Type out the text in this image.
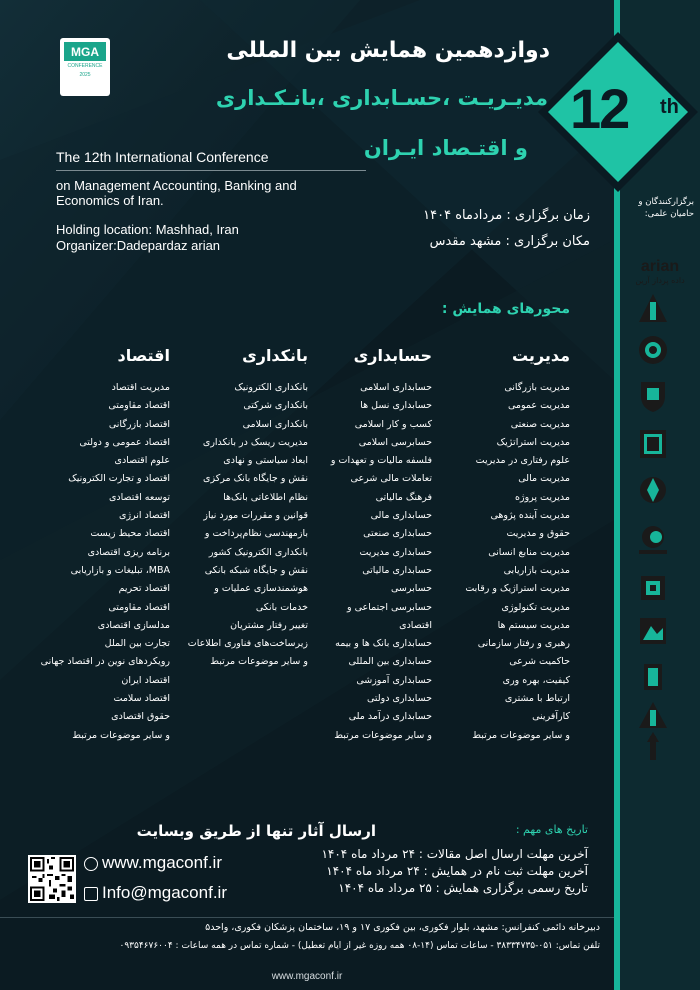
12 th
MGA
CONFERENCE
2025
دوازدهمین همایش بین المللی
مدیـریـت ،حسـابداری ،بانـکـداری
و اقتـصاد ایـران
The 12th International Conference
on Management Accounting, Banking and Economics of Iran.
Holding location: Mashhad, Iran
Organizer:Dadepardaz arian
زمان برگزاری : مردادماه ۱۴۰۴
مکان برگزاری : مشهد مقدس
محورهای همایش :
مدیریت
مدیریت بازرگانی
مدیریت عمومی
مدیریت صنعتی
مدیریت استراتژیک
علوم رفتاری در مدیریت
مدیریت مالی
مدیریت پروژه
مدیریت آینده پژوهی
حقوق و مدیریت
مدیریت منابع انسانی
مدیریت بازاریابی
مدیریت استراژیک و رقابت
مدیریت تکنولوژی
مدیریت سیستم ها
رهبری و رفتار سازمانی
حاکمیت شرعی
کیفیت، بهره وری
ارتباط با مشتری
کارآفرینی
و سایر موضوعات مرتبط
حسابداری
حسابداری اسلامی
حسابداری نسل ها
کسب و کار اسلامی
حسابرسی اسلامی
فلسفه مالیات و تعهدات و
تعاملات مالی شرعی
فرهنگ مالیاتی
حسابداری مالی
حسابداری صنعتی
حسابداری مدیریت
حسابداری مالیاتی
حسابرسی
حسابرسی اجتماعی و
اقتصادی
حسابداری بانک ها و بیمه
حسابداری بین المللی
حسابداری آموزشی
حسابداری دولتی
حسابداری درآمد ملی
و سایر موضوعات مرتبط
بانکداری
بانکداری الکترونیک
بانکداری شرکتی
بانکداری اسلامی
مدیریت ریسک در بانکداری
ابعاد سیاستی و نهادی
نقش و جایگاه بانک مرکزی
نظام اطلاعاتی بانک‌ها
قوانین و مقررات مورد نیاز
بازمهندسی نظام‌پرداخت و
بانکداری الکترونیک کشور
نقش و جایگاه شبکه بانکی
هوشمندسازی عملیات و
خدمات بانکی
تغییر رفتار مشتریان
زیرساخت‌های فناوری اطلاعات
و سایر موضوعات مرتبط
اقتصاد
مدیریت اقتصاد
اقتصاد مقاومتی
اقتصاد بازرگانی
اقتصاد عمومی و دولتی
علوم اقتصادی
اقتصاد و تجارت الکترونیک
توسعه اقتصادی
اقتصاد انرژی
اقتصاد محیط زیست
برنامه ریزی اقتصادی
MBA، تبلیغات و بازاریابی
اقتصاد تحریم
اقتصاد مقاومتی
مدلسازی اقتصادی
تجارت بین الملل
رویکردهای نوین در اقتصاد جهانی
اقتصاد ایران
اقتصاد سلامت
حقوق اقتصادی
و سایر موضوعات مرتبط
ارسال آثار تنها از طریق وبسایت
www.mgaconf.ir
Info@mgaconf.ir
تاریخ های مهم :
آخرین مهلت ارسال اصل مقالات : ۲۴ مرداد ماه ۱۴۰۴
آخرین مهلت ثبت نام در همایش : ۲۴ مرداد ماه ۱۴۰۴
تاریخ رسمی برگزاری همایش : ۲۵ مرداد ماه ۱۴۰۴
دبیرخانه دائمی کنفرانس: مشهد، بلوار فکوری، بین فکوری ۱۷ و ۱۹، ساختمان پزشکان فکوری، واحد۵
تلفن تماس: ۰۵۱-۳۸۳۳۴۷۳۵ - ساعات تماس (۱۴-۰۸ همه روزه غیر از ایام تعطیل) - شماره تماس در همه ساعات : ۰۹۳۵۴۶۷۶۰۰۴
www.mgaconf.ir
برگزارکنندگان و حامیان علمی:
arian
داده پرداز آرین
